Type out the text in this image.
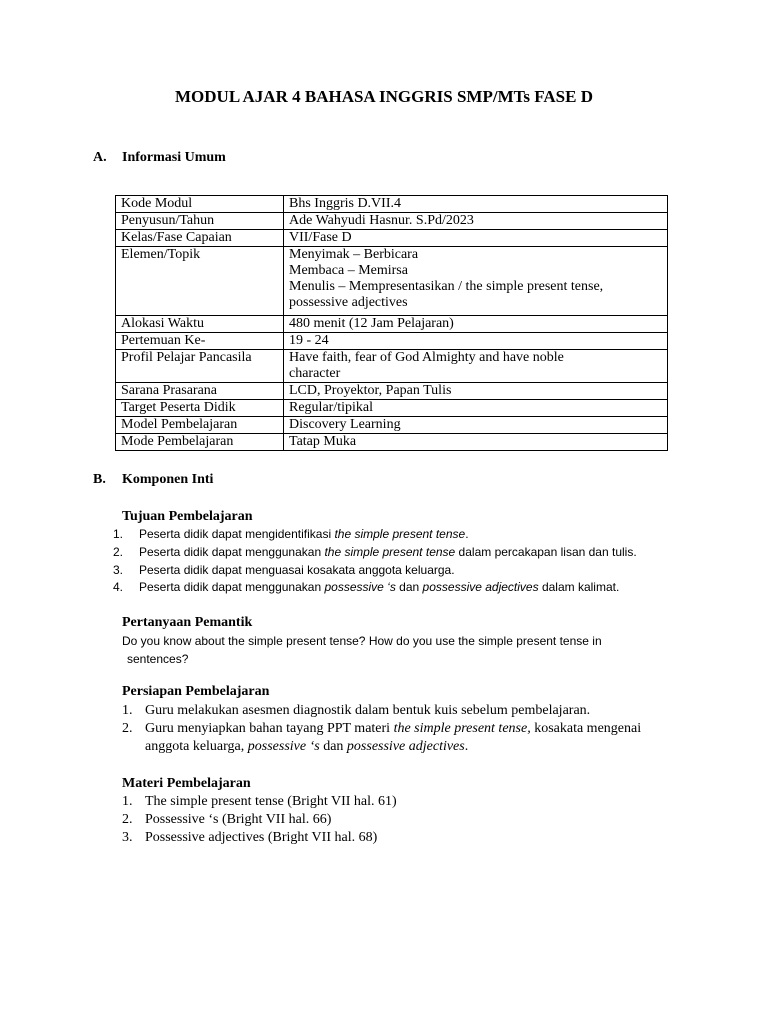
MODUL AJAR 4 BAHASA INGGRIS SMP/MTs FASE D
A. Informasi Umum
Kode Modul	Bhs Inggris D.VII.4
Penyusun/Tahun	Ade Wahyudi Hasnur. S.Pd/2023
Kelas/Fase Capaian	VII/Fase D
Elemen/Topik	Menyimak – Berbicara
Membaca – Memirsa
Menulis – Mempresentasikan / the simple present tense,
possessive adjectives

Alokasi Waktu	480 menit (12 Jam Pelajaran)
Pertemuan Ke-	19 - 24
Profil Pelajar Pancasila	Have faith, fear of God Almighty and have noble
character

Sarana Prasarana	LCD, Proyektor, Papan Tulis
Target Peserta Didik	Regular/tipikal
Model Pembelajaran	Discovery Learning
Mode Pembelajaran	Tatap Muka
B. Komponen Inti
Tujuan Pembelajaran
1. Peserta didik dapat mengidentifikasi the simple present tense.
2. Peserta didik dapat menggunakan the simple present tense dalam percakapan lisan dan tulis.
3. Peserta didik dapat menguasai kosakata anggota keluarga.
4. Peserta didik dapat menggunakan possessive ‘s dan possessive adjectives dalam kalimat.
Pertanyaan Pemantik
Do you know about the simple present tense? How do you use the simple present tense in
sentences?
Persiapan Pembelajaran
1. Guru melakukan asesmen diagnostik dalam bentuk kuis sebelum pembelajaran.
2. Guru menyiapkan bahan tayang PPT materi the simple present tense, kosakata mengenai anggota keluarga, possessive ‘s dan possessive adjectives.
Materi Pembelajaran
1. The simple present tense (Bright VII hal. 61)
2. Possessive ‘s (Bright VII hal. 66)
3. Possessive adjectives (Bright VII hal. 68)
